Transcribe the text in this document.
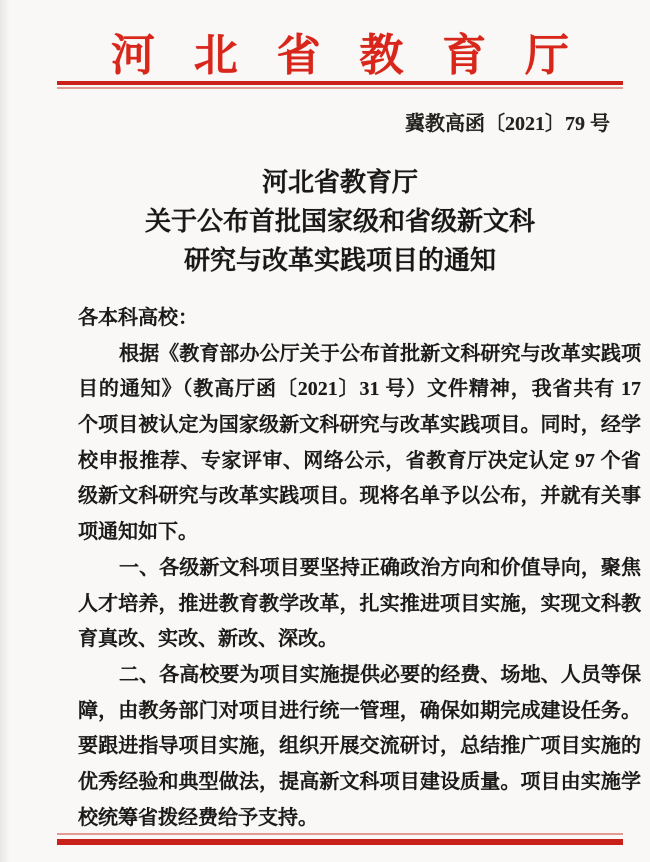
河北省教育厅
冀教高函〔2021〕79 号
河北省教育厅
关于公布首批国家级和省级新文科
研究与改革实践项目的通知
各本科高校：
根据《教育部办公厅关于公布首批新文科研究与改革实践项
目的通知》（教高厅函〔2021〕31 号）文件精神，我省共有 17
个项目被认定为国家级新文科研究与改革实践项目。同时，经学
校申报推荐、专家评审、网络公示，省教育厅决定认定 97 个省
级新文科研究与改革实践项目。现将名单予以公布，并就有关事
项通知如下。
一、各级新文科项目要坚持正确政治方向和价值导向，聚焦
人才培养，推进教育教学改革，扎实推进项目实施，实现文科教
育真改、实改、新改、深改。
二、各高校要为项目实施提供必要的经费、场地、人员等保
障，由教务部门对项目进行统一管理，确保如期完成建设任务。
要跟进指导项目实施，组织开展交流研讨，总结推广项目实施的
优秀经验和典型做法，提高新文科项目建设质量。项目由实施学
校统筹省拨经费给予支持。
